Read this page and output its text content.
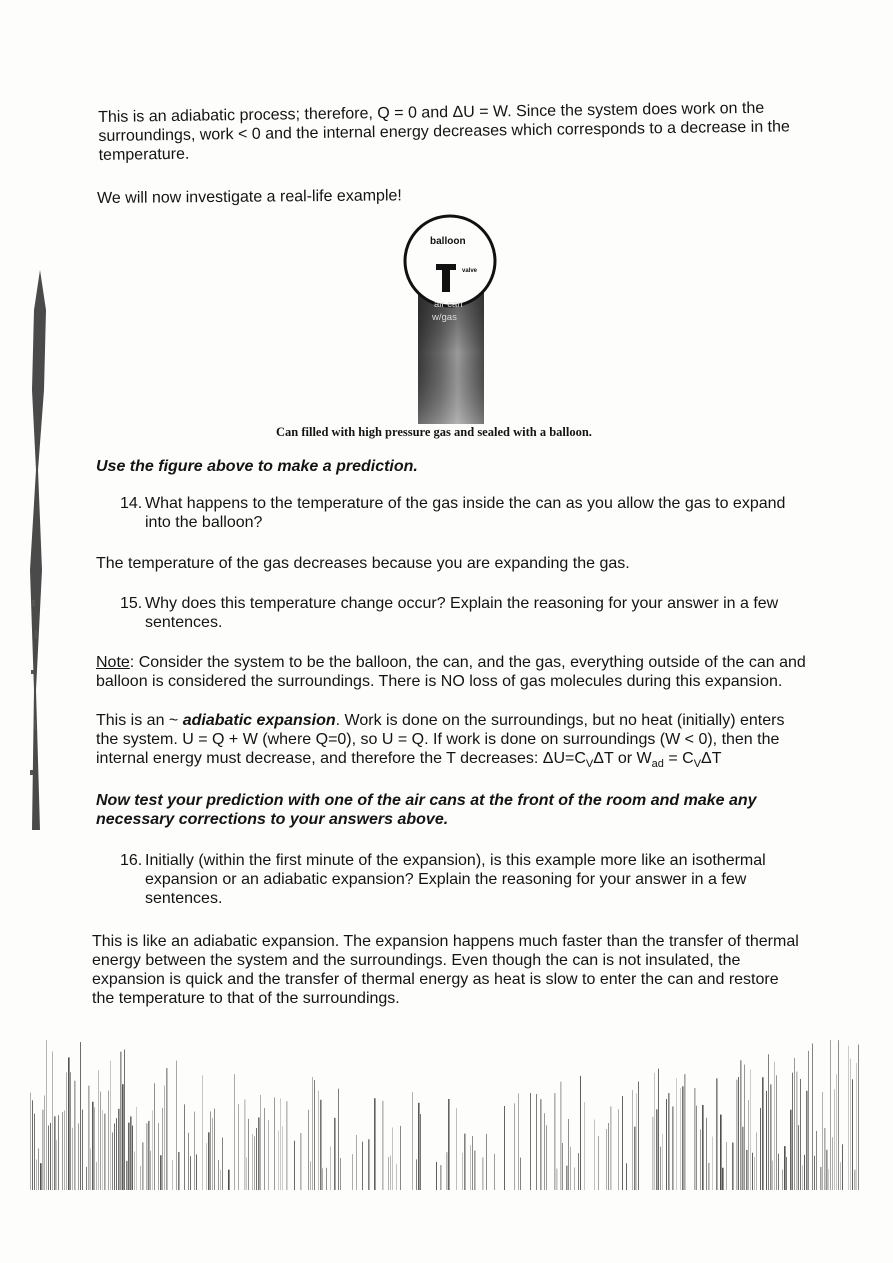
This is an adiabatic process; therefore, Q = 0 and ΔU = W. Since the system does work on the
surroundings, work < 0 and the internal energy decreases which corresponds to a decrease in the
temperature.
We will now investigate a real-life example!
balloon
valve
air can
w/gas
Can filled with high pressure gas and sealed with a balloon.
Use the figure above to make a prediction.
14. What happens to the temperature of the gas inside the can as you allow the gas to expand
into the balloon?
The temperature of the gas decreases because you are expanding the gas.
15. Why does this temperature change occur? Explain the reasoning for your answer in a few
sentences.
Note: Consider the system to be the balloon, the can, and the gas, everything outside of the can and
balloon is considered the surroundings. There is NO loss of gas molecules during this expansion.
This is an ~ adiabatic expansion. Work is done on the surroundings, but no heat (initially) enters
the system. U = Q + W (where Q=0), so U = Q. If work is done on surroundings (W < 0), then the
internal energy must decrease, and therefore the T decreases: $\Delta U=C_V\Delta T$ or $W_{ad} = C_V\Delta T$
Now test your prediction with one of the air cans at the front of the room and make any
necessary corrections to your answers above.
16. Initially (within the first minute of the expansion), is this example more like an isothermal
expansion or an adiabatic expansion? Explain the reasoning for your answer in a few
sentences.
This is like an adiabatic expansion. The expansion happens much faster than the transfer of thermal
energy between the system and the surroundings. Even though the can is not insulated, the
expansion is quick and the transfer of thermal energy as heat is slow to enter the can and restore
the temperature to that of the surroundings.
